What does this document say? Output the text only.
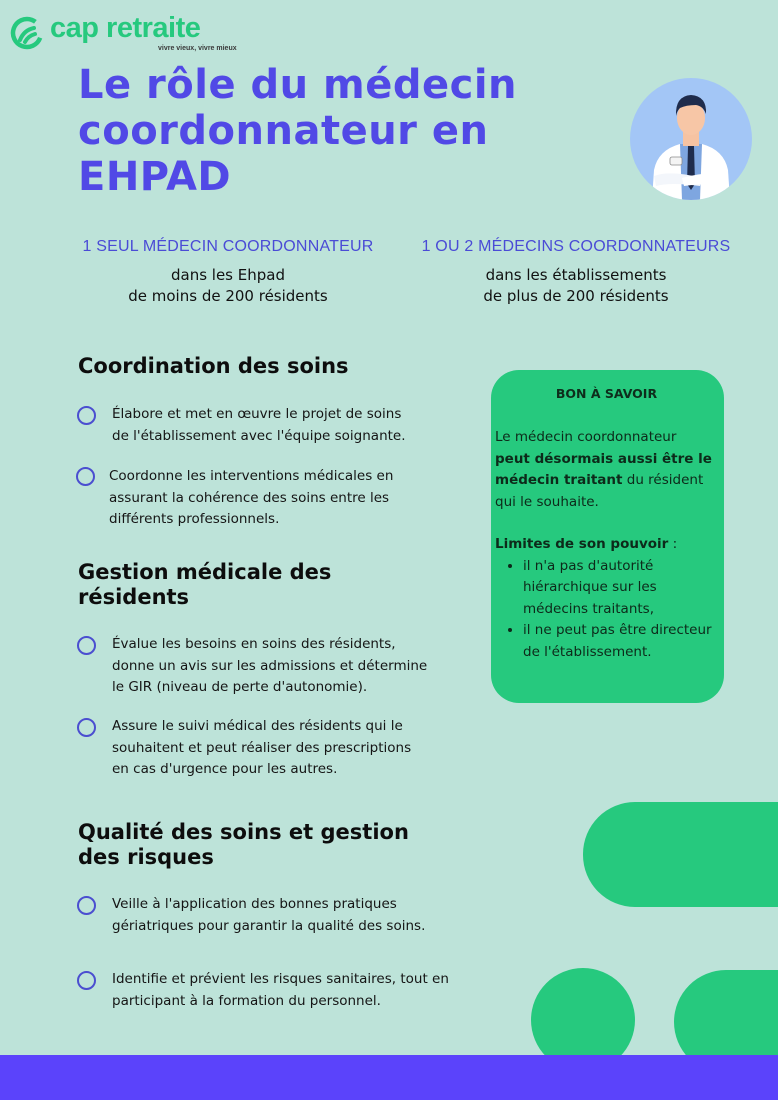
cap retraite
vivre vieux, vivre mieux
Le rôle du médecin
coordonnateur en
EHPAD
1 SEUL MÉDECIN COORDONNATEUR
dans les Ehpad
de moins de 200 résidents
1 OU 2 MÉDECINS COORDONNATEURS
dans les établissements
de plus de 200 résidents
Coordination des soins
Élabore et met en œuvre le projet de soins
de l'établissement avec l'équipe soignante.
Coordonne les interventions médicales en
assurant la cohérence des soins entre les
différents professionnels.
Gestion médicale des
résidents
Évalue les besoins en soins des résidents,
donne un avis sur les admissions et détermine
le GIR (niveau de perte d'autonomie).
Assure le suivi médical des résidents qui le
souhaitent et peut réaliser des prescriptions
en cas d'urgence pour les autres.
Qualité des soins et gestion
des risques
Veille à l'application des bonnes pratiques
gériatriques pour garantir la qualité des soins.
Identifie et prévient les risques sanitaires, tout en
participant à la formation du personnel.
BON À SAVOIR
Le médecin coordonnateur
peut désormais aussi être le
médecin traitant du résident
qui le souhaite.
Limites de son pouvoir :
• il n'a pas d'autorité hiérarchique sur les médecins traitants,
• il ne peut pas être directeur de l'établissement.
